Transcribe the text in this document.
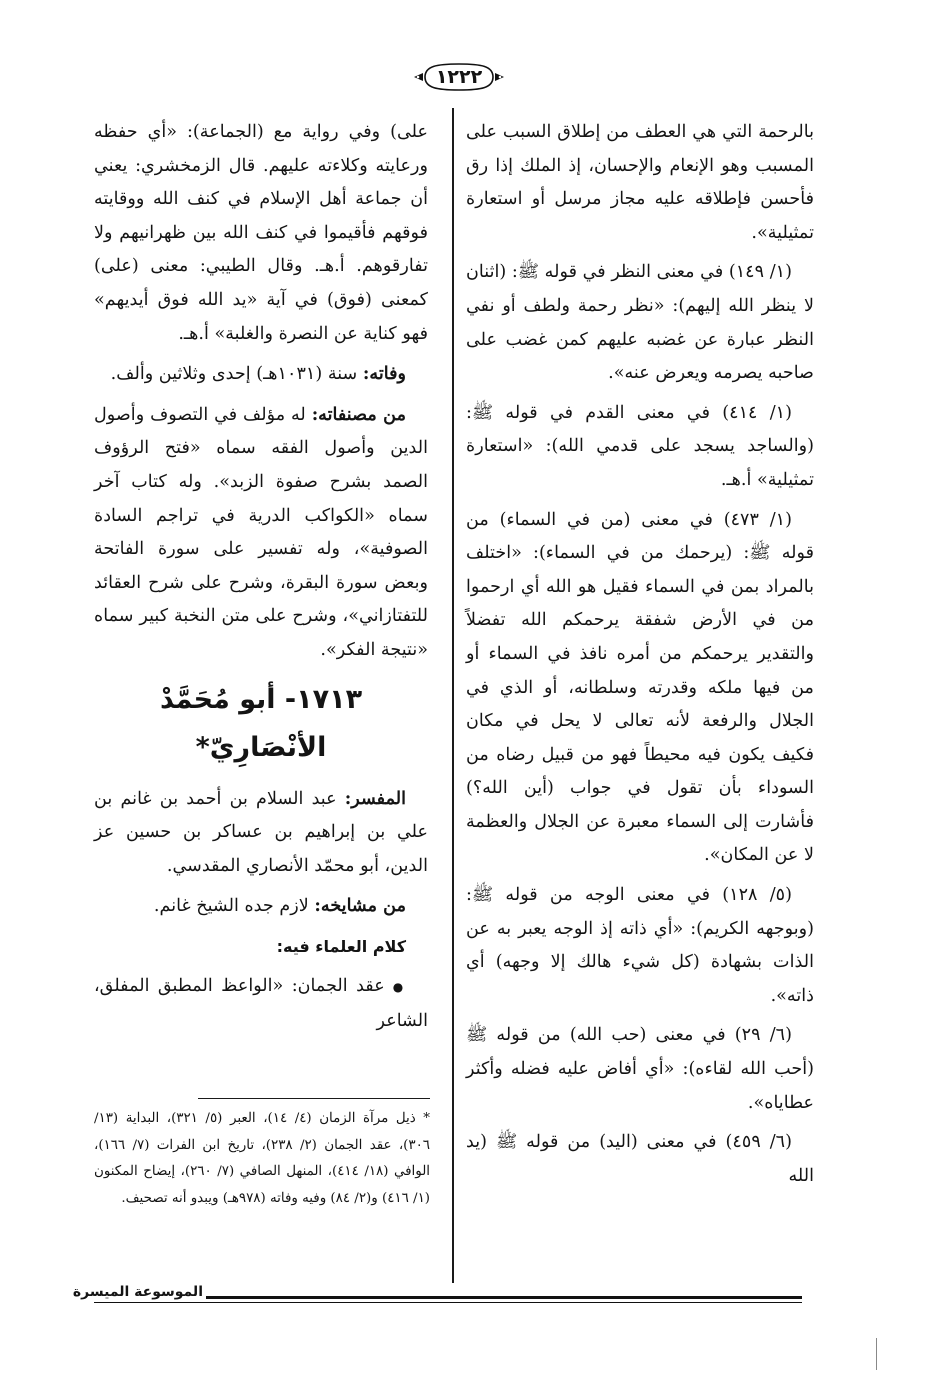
١٢٢٢

بالرحمة التي هي العطف من إطلاق السبب على المسبب وهو الإنعام والإحسان، إذ الملك إذا رق فأحسن فإطلاقه عليه مجاز مرسل أو استعارة تمثيلية».

(١/ ١٤٩) في معنى النظر في قوله ﷺ: (اثنان لا ينظر الله إليهم): «نظر رحمة ولطف أو نفي النظر عبارة عن غضبه عليهم كمن غضب على صاحبه يصرمه ويعرض عنه».

(١/ ٤١٤) في معنى القدم في قوله ﷺ: (والساجد يسجد على قدمي الله): «استعارة تمثيلية» أ.هـ.

(١/ ٤٧٣) في معنى (من في السماء) من قوله ﷺ: (يرحمك من في السماء): «اختلف بالمراد بمن في السماء فقيل هو الله أي ارحموا من في الأرض شفقة يرحمكم الله تفضلاً والتقدير يرحمكم من أمره نافذ في السماء أو من فيها ملكه وقدرته وسلطانه، أو الذي في الجلال والرفعة لأنه تعالى لا يحل في مكان فكيف يكون فيه محيطاً فهو من قبيل رضاه من السوداء بأن تقول في جواب (أين الله؟) فأشارت إلى السماء معبرة عن الجلال والعظمة لا عن المكان».

(٥/ ١٢٨) في معنى الوجه من قوله ﷺ: (وبوجهه الكريم): «أي ذاته إذ الوجه يعبر به عن الذات بشهادة (كل شيء هالك إلا وجهه) أي ذاته».

(٦/ ٢٩) في معنى (حب الله) من قوله ﷺ (أحب الله لقاءه): «أي أفاض عليه فضله وأكثر عطاياه».

(٦/ ٤٥٩) في معنى (اليد) من قوله ﷺ (يد الله

على) وفي رواية مع (الجماعة): «أي حفظه ورعايته وكلاءته عليهم. قال الزمخشري: يعني أن جماعة أهل الإسلام في كنف الله ووقايته فوقهم فأقيموا في كنف الله بين ظهرانيهم ولا تفارقوهم. أ.هـ. وقال الطيبي: معنى (على) كمعنى (فوق) في آية «يد الله فوق أيديهم» فهو كناية عن النصرة والغلبة» أ.هـ.

وفاته: سنة (١٠٣١هـ) إحدى وثلاثين وألف.

من مصنفاته: له مؤلف في التصوف وأصول الدين وأصول الفقه سماه «فتح الرؤوف الصمد بشرح صفوة الزبد». وله كتاب آخر سماه «الكواكب الدرية في تراجم السادة الصوفية»، وله تفسير على سورة الفاتحة وبعض سورة البقرة، وشرح على شرح العقائد للتفتازاني»، وشرح على متن النخبة كبير سماه «نتيجة الفكر».

١٧١٣- أبو مُحَمَّدْ الأنْصَارِيّ*

المفسر: عبد السلام بن أحمد بن غانم بن علي بن إبراهيم بن عساكر بن حسين عز الدين، أبو محمّد الأنصاري المقدسي.

من مشايخه: لازم جده الشيخ غانم.

كلام العلماء فيه:

● عقد الجمان: «الواعظ المطبق المفلق، الشاعر

* ذيل مرآة الزمان (٤/ ١٤)، العبر (٥/ ٣٢١)، البداية (١٣/ ٣٠٦)، عقد الجمان (٢/ ٢٣٨)، تاريخ ابن الفرات (٧/ ١٦٦)، الوافي (١٨/ ٤١٤)، المنهل الصافي (٧/ ٢٦٠)، إيضاح المكنون (١/ ٤١٦) و(٢/ ٨٤) وفيه وفاته (٩٧٨هـ) ويبدو أنه تصحيف.
الموسوعة الميسرة
